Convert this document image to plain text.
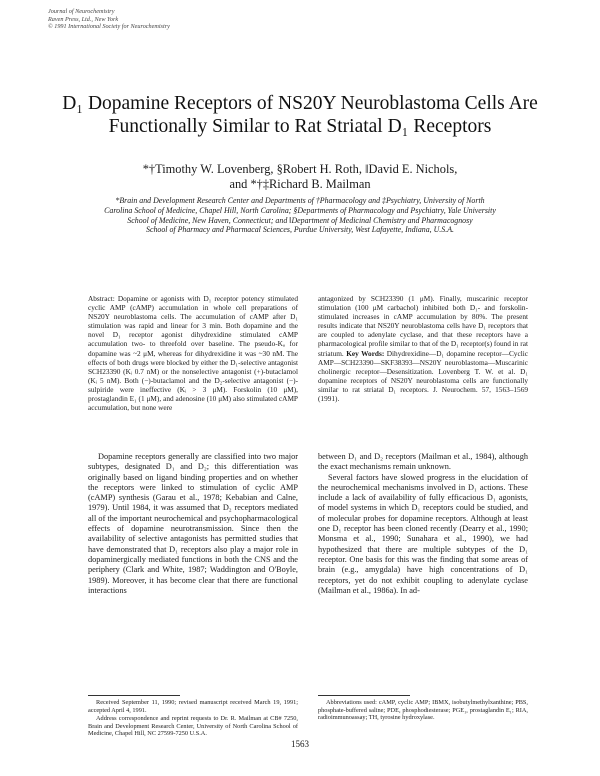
Journal of Neurochemistry
Raven Press, Ltd., New York
© 1991 International Society for Neurochemistry
D₁ Dopamine Receptors of NS20Y Neuroblastoma Cells Are
Functionally Similar to Rat Striatal D₁ Receptors
*†Timothy W. Lovenberg, §Robert H. Roth, ‖David E. Nichols,
and *†‡Richard B. Mailman
*Brain and Development Research Center and Departments of †Pharmacology and ‡Psychiatry, University of North
Carolina School of Medicine, Chapel Hill, North Carolina; §Departments of Pharmacology and Psychiatry, Yale University
School of Medicine, New Haven, Connecticut; and ‖Department of Medicinal Chemistry and Pharmacognosy
School of Pharmacy and Pharmacal Sciences, Purdue University, West Lafayette, Indiana, U.S.A.
Abstract: Dopamine or agonists with D₁ receptor potency stimulated cyclic AMP (cAMP) accumulation in whole cell preparations of NS20Y neuroblastoma cells. The accumulation of cAMP after D₁ stimulation was rapid and linear for 3 min. Both dopamine and the novel D₁ receptor agonist dihydrexidine stimulated cAMP accumulation two- to threefold over baseline. The pseudo-Kₐ for dopamine was ~2 μM, whereas for dihydrexidine it was ~30 nM. The effects of both drugs were blocked by either the D₁-selective antagonist SCH23390 (Kᵢ 0.7 nM) or the nonselective antagonist (+)-butaclamol (Kᵢ 5 nM). Both (−)-butaclamol and the D₂-selective antagonist (−)-sulpiride were ineffective (Kᵢ > 3 μM). Forskolin (10 μM), prostaglandin E₁ (1 μM), and adenosine (10 μM) also stimulated cAMP accumulation, but none were
antagonized by SCH23390 (1 μM). Finally, muscarinic receptor stimulation (100 μM carbachol) inhibited both D₁- and forskolin-stimulated increases in cAMP accumulation by 80%. The present results indicate that NS20Y neuroblastoma cells have D₁ receptors that are coupled to adenylate cyclase, and that these receptors have a pharmacological profile similar to that of the D₁ receptor(s) found in rat striatum. Key Words: Dihydrexidine—D₁ dopamine receptor—Cyclic AMP—SCH23390—SKF38393—NS20Y neuroblastoma—Muscarinic cholinergic receptor—Desensitization. Lovenberg T. W. et al. D₁ dopamine receptors of NS20Y neuroblastoma cells are functionally similar to rat striatal D₁ receptors. J. Neurochem. 57, 1563–1569 (1991).

Dopamine receptors generally are classified into two major subtypes, designated D₁ and D₂; this differentiation was originally based on ligand binding properties and on whether the receptors were linked to stimulation of cyclic AMP (cAMP) synthesis (Garau et al., 1978; Kebabian and Calne, 1979). Until 1984, it was assumed that D₂ receptors mediated all of the important neurochemical and psychopharmacological effects of dopamine neurotransmission. Since then the availability of selective antagonists has permitted studies that have demonstrated that D₁ receptors also play a major role in dopaminergically mediated functions in both the CNS and the periphery (Clark and White, 1987; Waddington and O'Boyle, 1989). Moreover, it has become clear that there are functional interactions

between D₁ and D₂ receptors (Mailman et al., 1984), although the exact mechanisms remain unknown.

Several factors have slowed progress in the elucidation of the neurochemical mechanisms involved in D₁ actions. These include a lack of availability of fully efficacious D₁ agonists, of model systems in which D₁ receptors could be studied, and of molecular probes for dopamine receptors. Although at least one D₁ receptor has been cloned recently (Dearry et al., 1990; Monsma et al., 1990; Sunahara et al., 1990), we had hypothesized that there are multiple subtypes of the D₁ receptor. One basis for this was the finding that some areas of brain (e.g., amygdala) have high concentrations of D₁ receptors, yet do not exhibit coupling to adenylate cyclase (Mailman et al., 1986a). In ad-

Received September 11, 1990; revised manuscript received March 19, 1991; accepted April 4, 1991.

Address correspondence and reprint requests to Dr. R. Mailman at CB# 7250, Brain and Development Research Center, University of North Carolina School of Medicine, Chapel Hill, NC 27599-7250 U.S.A.

Abbreviations used: cAMP, cyclic AMP; IBMX, isobutylmethylxanthine; PBS, phosphate-buffered saline; PDE, phosphodiesterase; PGE₁, prostaglandin E₁; RIA, radioimmunoassay; TH, tyrosine hydroxylase.

1563
